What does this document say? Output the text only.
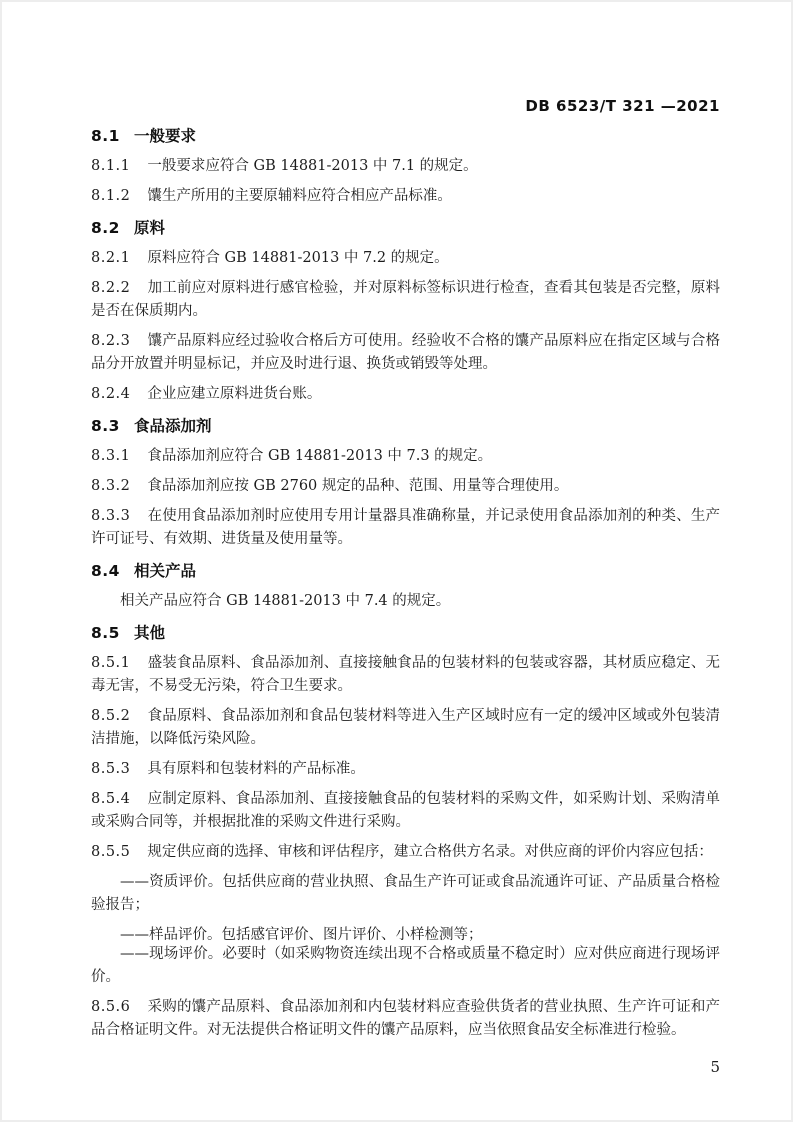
DB 6523/T 321 —2021
8.1 一般要求

8.1.1 一般要求应符合 GB 14881-2013 中 7.1 的规定。

8.1.2 馕生产所用的主要原辅料应符合相应产品标准。

8.2 原料

8.2.1 原料应符合 GB 14881-2013 中 7.2 的规定。

8.2.2 加工前应对原料进行感官检验，并对原料标签标识进行检查，查看其包装是否完整，原料是否在保质期内。

8.2.3 馕产品原料应经过验收合格后方可使用。经验收不合格的馕产品原料应在指定区域与合格品分开放置并明显标记，并应及时进行退、换货或销毁等处理。

8.2.4 企业应建立原料进货台账。

8.3 食品添加剂

8.3.1 食品添加剂应符合 GB 14881-2013 中 7.3 的规定。

8.3.2 食品添加剂应按 GB 2760 规定的品种、范围、用量等合理使用。

8.3.3 在使用食品添加剂时应使用专用计量器具准确称量，并记录使用食品添加剂的种类、生产许可证号、有效期、进货量及使用量等。

8.4 相关产品

相关产品应符合 GB 14881-2013 中 7.4 的规定。

8.5 其他

8.5.1 盛装食品原料、食品添加剂、直接接触食品的包装材料的包装或容器，其材质应稳定、无毒无害，不易受无污染，符合卫生要求。

8.5.2 食品原料、食品添加剂和食品包装材料等进入生产区域时应有一定的缓冲区域或外包装清洁措施，以降低污染风险。

8.5.3 具有原料和包装材料的产品标准。

8.5.4 应制定原料、食品添加剂、直接接触食品的包装材料的采购文件，如采购计划、采购清单或采购合同等，并根据批准的采购文件进行采购。

8.5.5 规定供应商的选择、审核和评估程序，建立合格供方名录。对供应商的评价内容应包括：

——资质评价。包括供应商的营业执照、食品生产许可证或食品流通许可证、产品质量合格检验报告；

——样品评价。包括感官评价、图片评价、小样检测等；

——现场评价。必要时（如采购物资连续出现不合格或质量不稳定时）应对供应商进行现场评价。

8.5.6 采购的馕产品原料、食品添加剂和内包装材料应查验供货者的营业执照、生产许可证和产品合格证明文件。对无法提供合格证明文件的馕产品原料，应当依照食品安全标准进行检验。

5
